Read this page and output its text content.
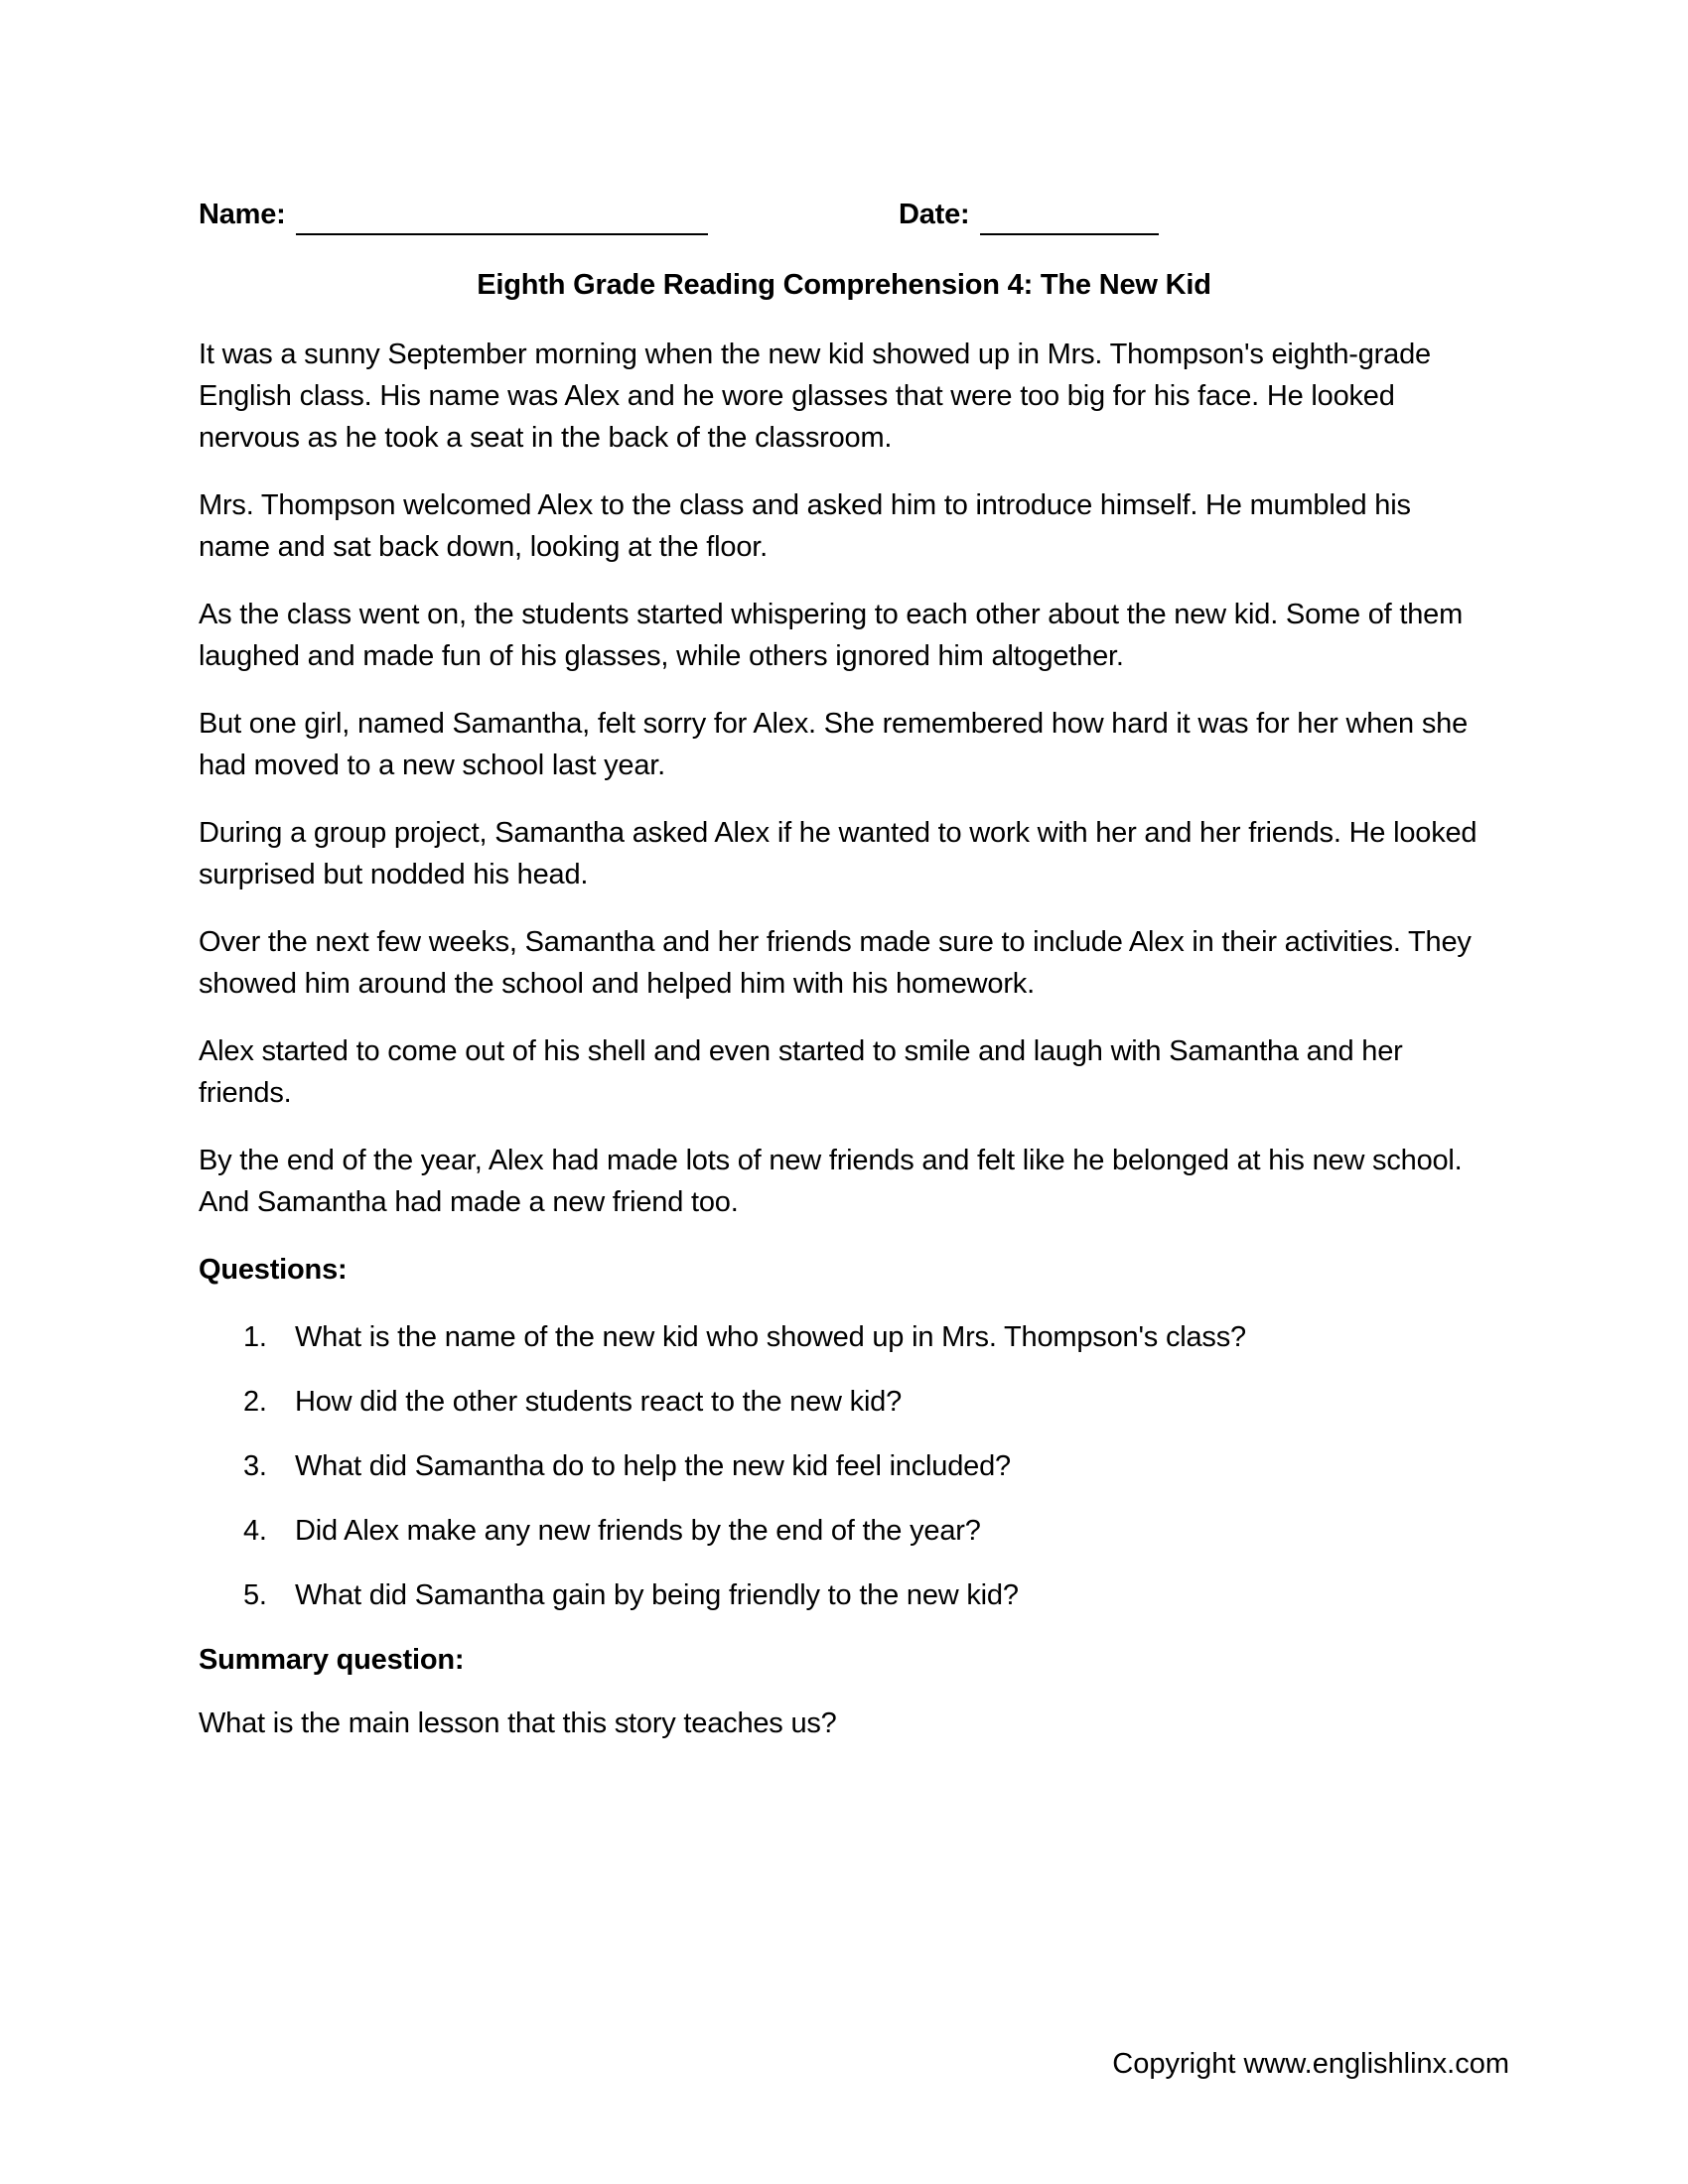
Name:	Date:
Eighth Grade Reading Comprehension 4: The New Kid

It was a sunny September morning when the new kid showed up in Mrs. Thompson's eighth-grade English class. His name was Alex and he wore glasses that were too big for his face. He looked nervous as he took a seat in the back of the classroom.

Mrs. Thompson welcomed Alex to the class and asked him to introduce himself. He mumbled his name and sat back down, looking at the floor.

As the class went on, the students started whispering to each other about the new kid. Some of them laughed and made fun of his glasses, while others ignored him altogether.

But one girl, named Samantha, felt sorry for Alex. She remembered how hard it was for her when she had moved to a new school last year.

During a group project, Samantha asked Alex if he wanted to work with her and her friends. He looked surprised but nodded his head.

Over the next few weeks, Samantha and her friends made sure to include Alex in their activities. They showed him around the school and helped him with his homework.

Alex started to come out of his shell and even started to smile and laugh with Samantha and her friends.

By the end of the year, Alex had made lots of new friends and felt like he belonged at his new school. And Samantha had made a new friend too.

Questions:

1. What is the name of the new kid who showed up in Mrs. Thompson's class?
2. How did the other students react to the new kid?
3. What did Samantha do to help the new kid feel included?
4. Did Alex make any new friends by the end of the year?
5. What did Samantha gain by being friendly to the new kid?

Summary question:

What is the main lesson that this story teaches us?

Copyright www.englishlinx.com
